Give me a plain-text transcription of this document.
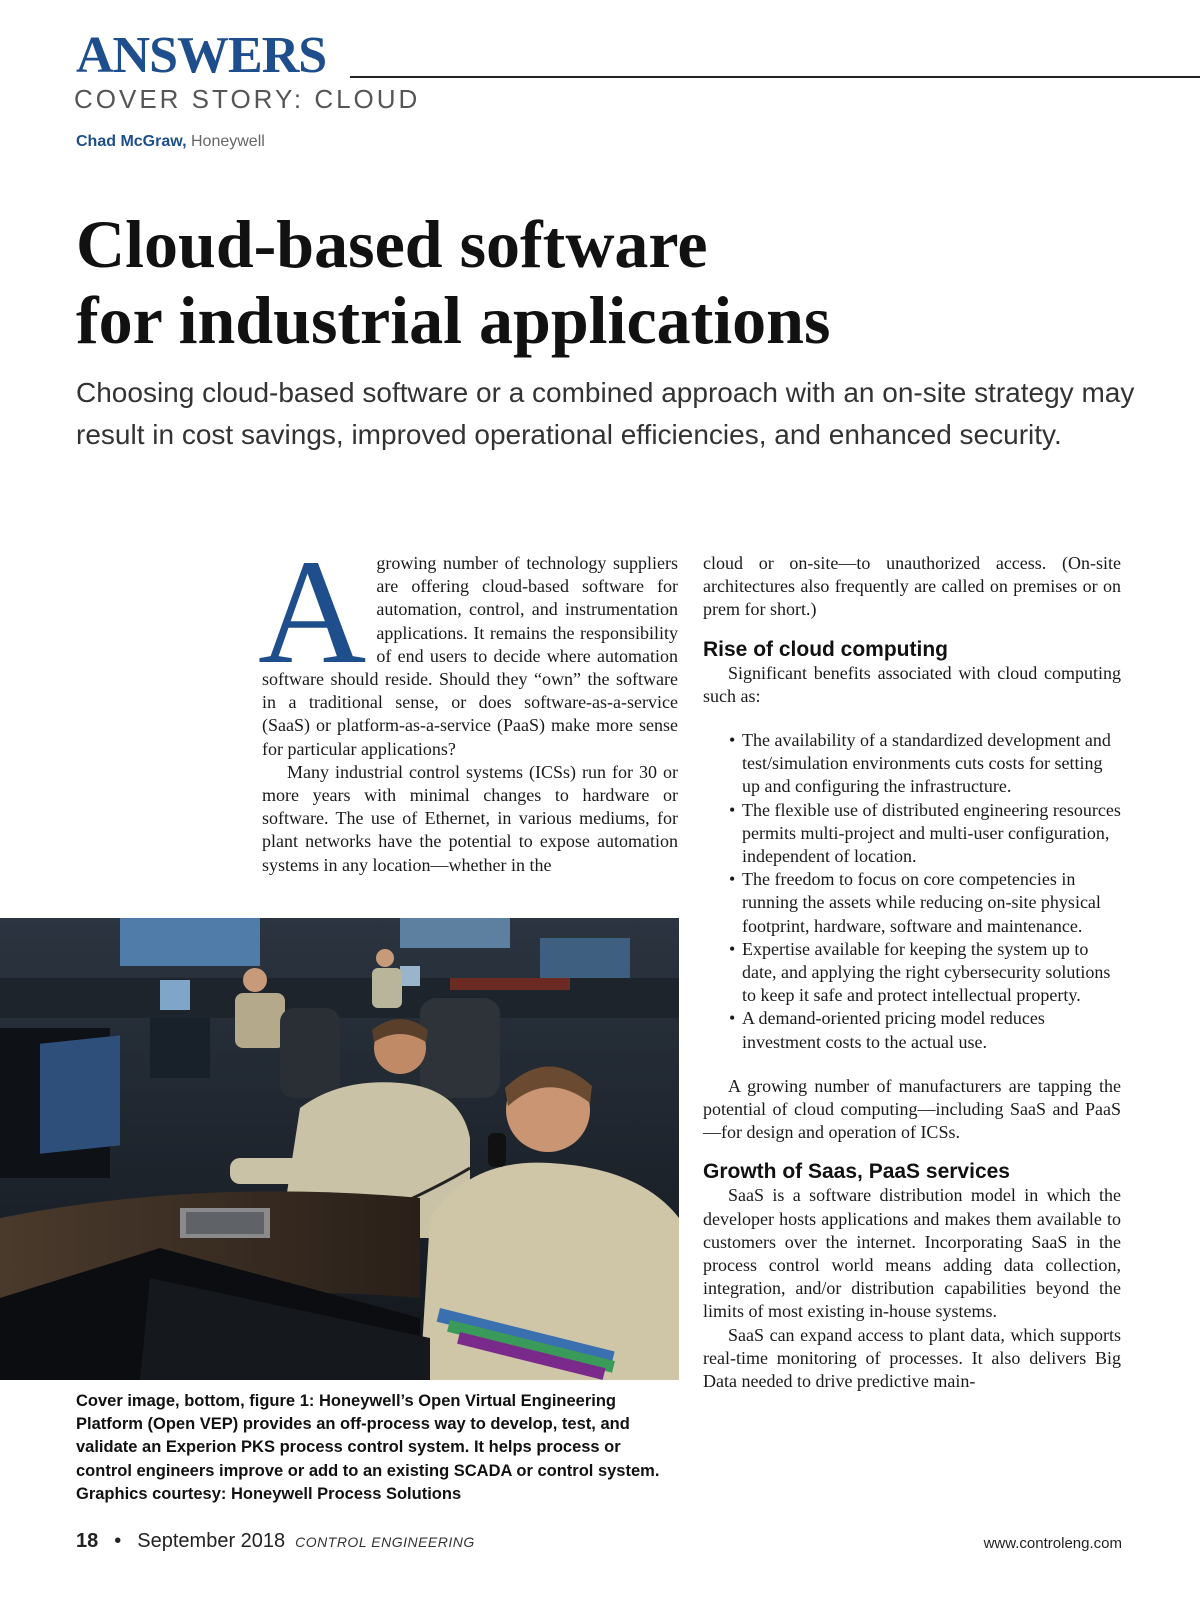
ANSWERS
COVER STORY: CLOUD
Chad McGraw, Honeywell
Cloud-based software
for industrial applications
Choosing cloud-based software or a combined approach with an on-site strategy may result in cost savings, improved operational efficiencies, and enhanced security.
A growing number of technology suppliers are offering cloud-based software for automation, control, and instrumentation applications. It remains the responsibility of end users to decide where automation software should reside. Should they “own” the software in a traditional sense, or does software-as-a-service (SaaS) or platform-as-a-service (PaaS) make more sense for particular applications?

Many industrial control systems (ICSs) run for 30 or more years with minimal changes to hardware or software. The use of Ethernet, in various mediums, for plant networks have the potential to expose automation systems in any location—whether in the

Cover image, bottom, figure 1: Honeywell’s Open Virtual Engineering Platform (Open VEP) provides an off-process way to develop, test, and validate an Experion PKS process control system. It helps process or control engineers improve or add to an existing SCADA or control system. Graphics courtesy: Honeywell Process Solutions

cloud or on-site—to unauthorized access. (On-site architectures also frequently are called on premises or on prem for short.)

Rise of cloud computing

Significant benefits associated with cloud computing such as:

• The availability of a standardized development and test/simulation environments cuts costs for setting up and configuring the infrastructure.
• The flexible use of distributed engineering resources permits multi-project and multi-user configuration, independent of location.
• The freedom to focus on core competencies in running the assets while reducing on-site physical footprint, hardware, software and maintenance.
• Expertise available for keeping the system up to date, and applying the right cybersecurity solutions to keep it safe and protect intellectual property.
• A demand-oriented pricing model reduces investment costs to the actual use.

A growing number of manufacturers are tapping the potential of cloud computing—including SaaS and PaaS—for design and operation of ICSs.

Growth of Saas, PaaS services

SaaS is a software distribution model in which the developer hosts applications and makes them available to customers over the internet. Incorporating SaaS in the process control world means adding data collection, integration, and/or distribution capabilities beyond the limits of most existing in-house systems.

SaaS can expand access to plant data, which supports real-time monitoring of processes. It also delivers Big Data needed to drive predictive main-

18 • September 2018 CONTROL ENGINEERING	www.controleng.com
